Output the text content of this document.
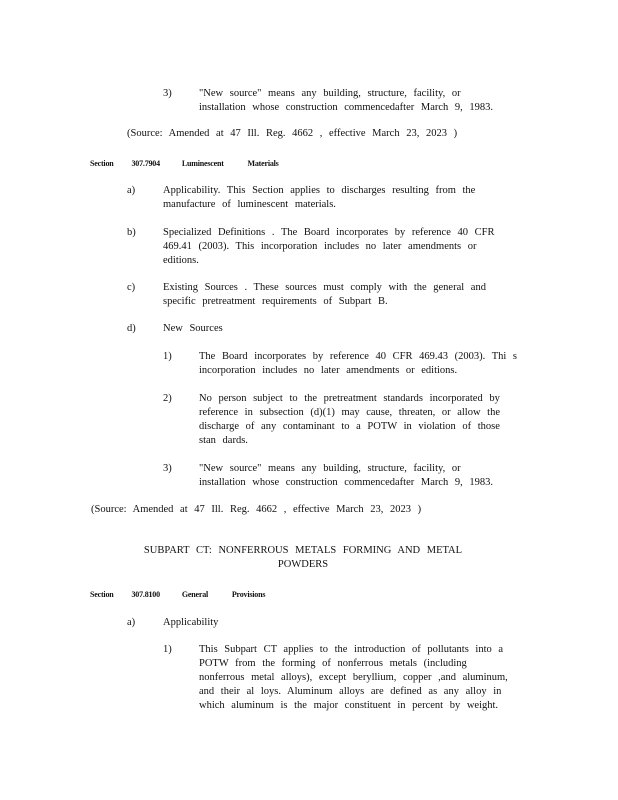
3)	"New source" means any building, structure, facility, or
installation whose construction commencedafter March 9, 1983.
(Source: Amended at 47 Ill. Reg. 4662 , effective March 23, 2023 )
Section 307.7904	Luminescent Materials
a)	Applicability. This Section applies to discharges resulting from the
manufacture of luminescent materials.
b)	Specialized Definitions . The Board incorporates by reference 40 CFR
469.41 (2003). This incorporation includes no later amendments or
editions.
c)	Existing Sources . These sources must comply with the general and
specific pretreatment requirements of Subpart B.
d)	New Sources
1)	The Board incorporates by reference 40 CFR 469.43 (2003). Thi s
incorporation includes no later amendments or editions.
2)	No person subject to the pretreatment standards incorporated by
reference in subsection (d)(1) may cause, threaten, or allow the
discharge of any contaminant to a POTW in violation of those
stan dards.
3)	"New source" means any building, structure, facility, or
installation whose construction commencedafter March 9, 1983.
(Source: Amended at 47 Ill. Reg. 4662 , effective March 23, 2023 )
SUBPART CT: NONFERROUS METALS FORMING AND METAL
POWDERS
Section 307.8100	General Provisions
a)	Applicability
1)	This Subpart CT applies to the introduction of pollutants into a
POTW from the forming of nonferrous metals (including
nonferrous metal alloys), except beryllium, copper ,and aluminum,
and their al loys. Aluminum alloys are defined as any alloy in
which aluminum is the major constituent in percent by weight.
